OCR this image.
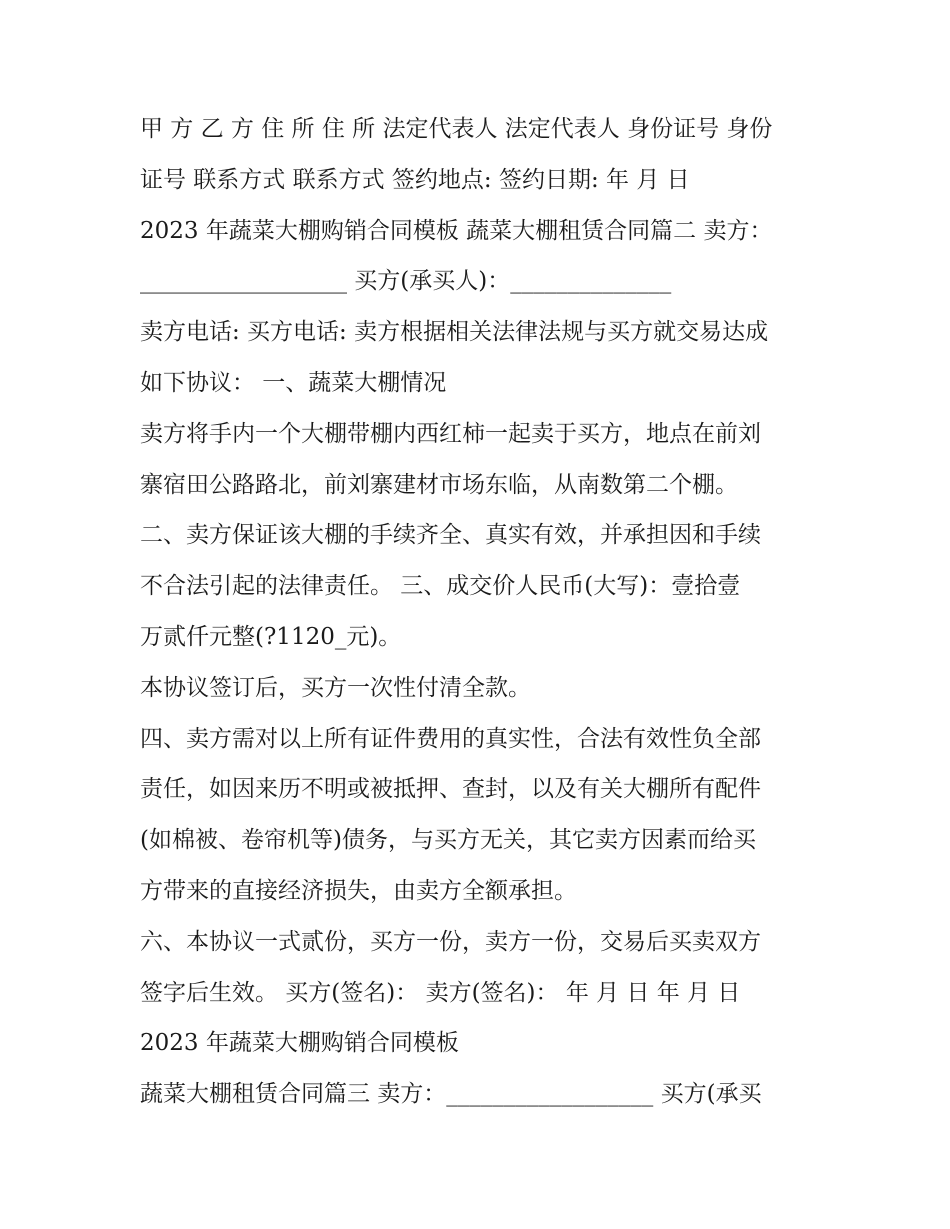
甲 方 乙 方 住 所 住 所 法定代表人 法定代表人 身份证号 身份
证号 联系方式 联系方式 签约地点: 签约日期: 年 月 日
2023 年蔬菜大棚购销合同模板 蔬菜大棚租赁合同篇二 卖方：
__________________ 买方(承买人)：______________
卖方电话: 买方电话: 卖方根据相关法律法规与买方就交易达成
如下协议： 一、蔬菜大棚情况
卖方将手内一个大棚带棚内西红柿一起卖于买方，地点在前刘
寨宿田公路路北，前刘寨建材市场东临，从南数第二个棚。
二、卖方保证该大棚的手续齐全、真实有效，并承担因和手续
不合法引起的法律责任。 三、成交价人民币(大写)：壹拾壹
万贰仟元整(?1120_元)。
本协议签订后，买方一次性付清全款。
四、卖方需对以上所有证件费用的真实性，合法有效性负全部
责任，如因来历不明或被抵押、查封，以及有关大棚所有配件
(如棉被、卷帘机等)债务，与买方无关，其它卖方因素而给买
方带来的直接经济损失，由卖方全额承担。
六、本协议一式贰份，买方一份，卖方一份，交易后买卖双方
签字后生效。 买方(签名)： 卖方(签名)： 年 月 日 年 月 日
2023 年蔬菜大棚购销合同模板
蔬菜大棚租赁合同篇三 卖方：__________________ 买方(承买
